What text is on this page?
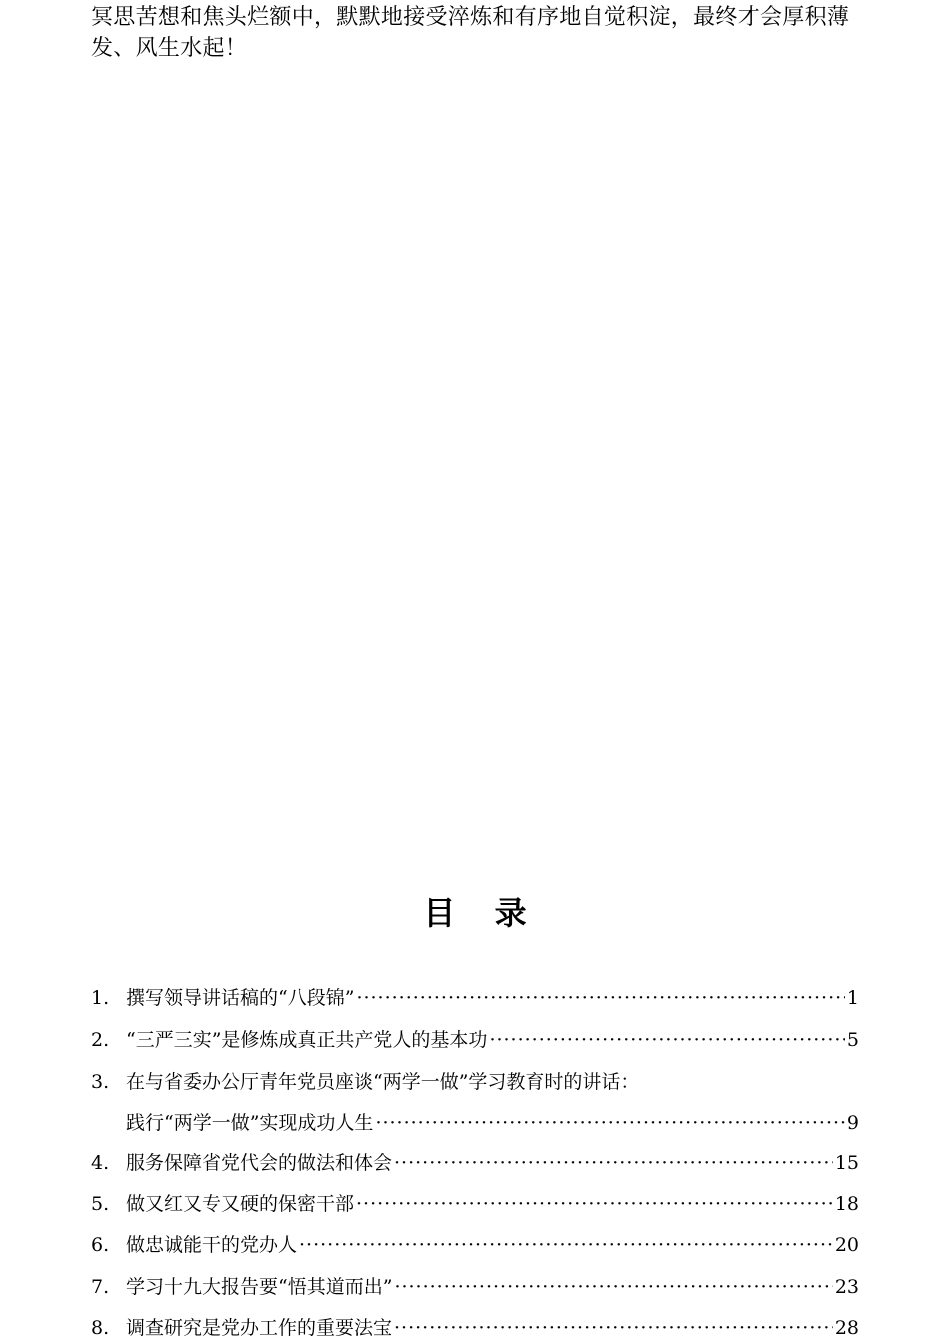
冥思苦想和焦头烂额中，默默地接受淬炼和有序地自觉积淀，最终才会厚积薄发、风生水起！

目 录
1. 撰写领导讲话稿的“八段锦” ·····	1
2. “三严三实”是修炼成真正共产党人的基本功 ·····	5
3. 在与省委办公厅青年党员座谈“两学一做”学习教育时的讲话：
践行“两学一做”实现成功人生 ·····	9
4. 服务保障省党代会的做法和体会 ·····	15
5. 做又红又专又硬的保密干部 ·····	18
6. 做忠诚能干的党办人 ·····	20
7. 学习十九大报告要“悟其道而出” ·····	23
8. 调查研究是党办工作的重要法宝 ·····	28
